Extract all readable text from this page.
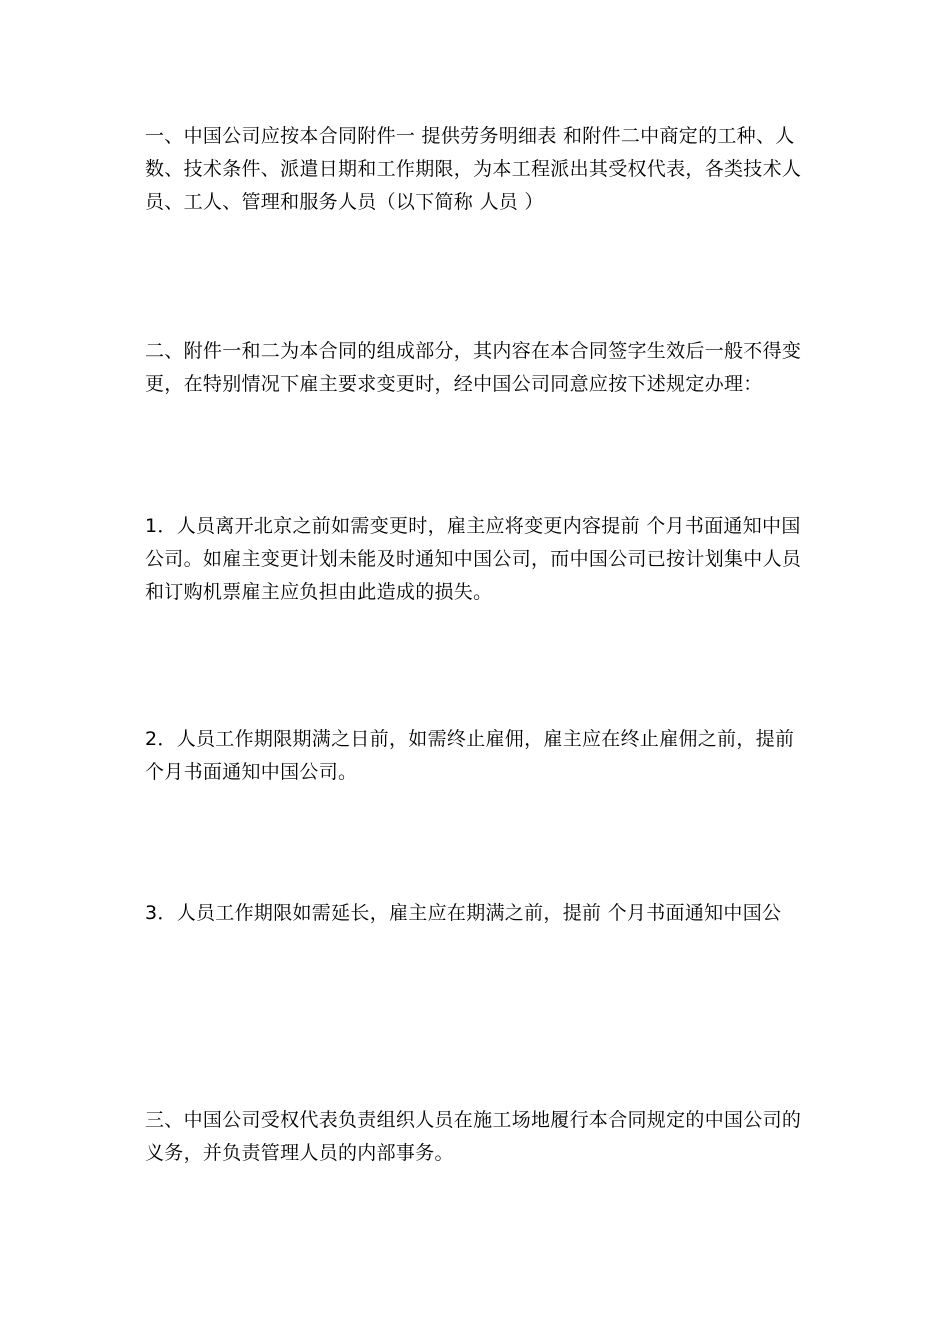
一、中国公司应按本合同附件一 提供劳务明细表 和附件二中商定的工种、人
数、技术条件、派遣日期和工作期限，为本工程派出其受权代表，各类技术人
员、工人、管理和服务人员（以下简称 人员 ）

二、附件一和二为本合同的组成部分，其内容在本合同签字生效后一般不得变
更，在特别情况下雇主要求变更时，经中国公司同意应按下述规定办理：

1．人员离开北京之前如需变更时，雇主应将变更内容提前 个月书面通知中国
公司。如雇主变更计划未能及时通知中国公司，而中国公司已按计划集中人员
和订购机票雇主应负担由此造成的损失。

2．人员工作期限期满之日前，如需终止雇佣，雇主应在终止雇佣之前，提前
个月书面通知中国公司。

3．人员工作期限如需延长，雇主应在期满之前，提前 个月书面通知中国公

三、中国公司受权代表负责组织人员在施工场地履行本合同规定的中国公司的
义务，并负责管理人员的内部事务。
